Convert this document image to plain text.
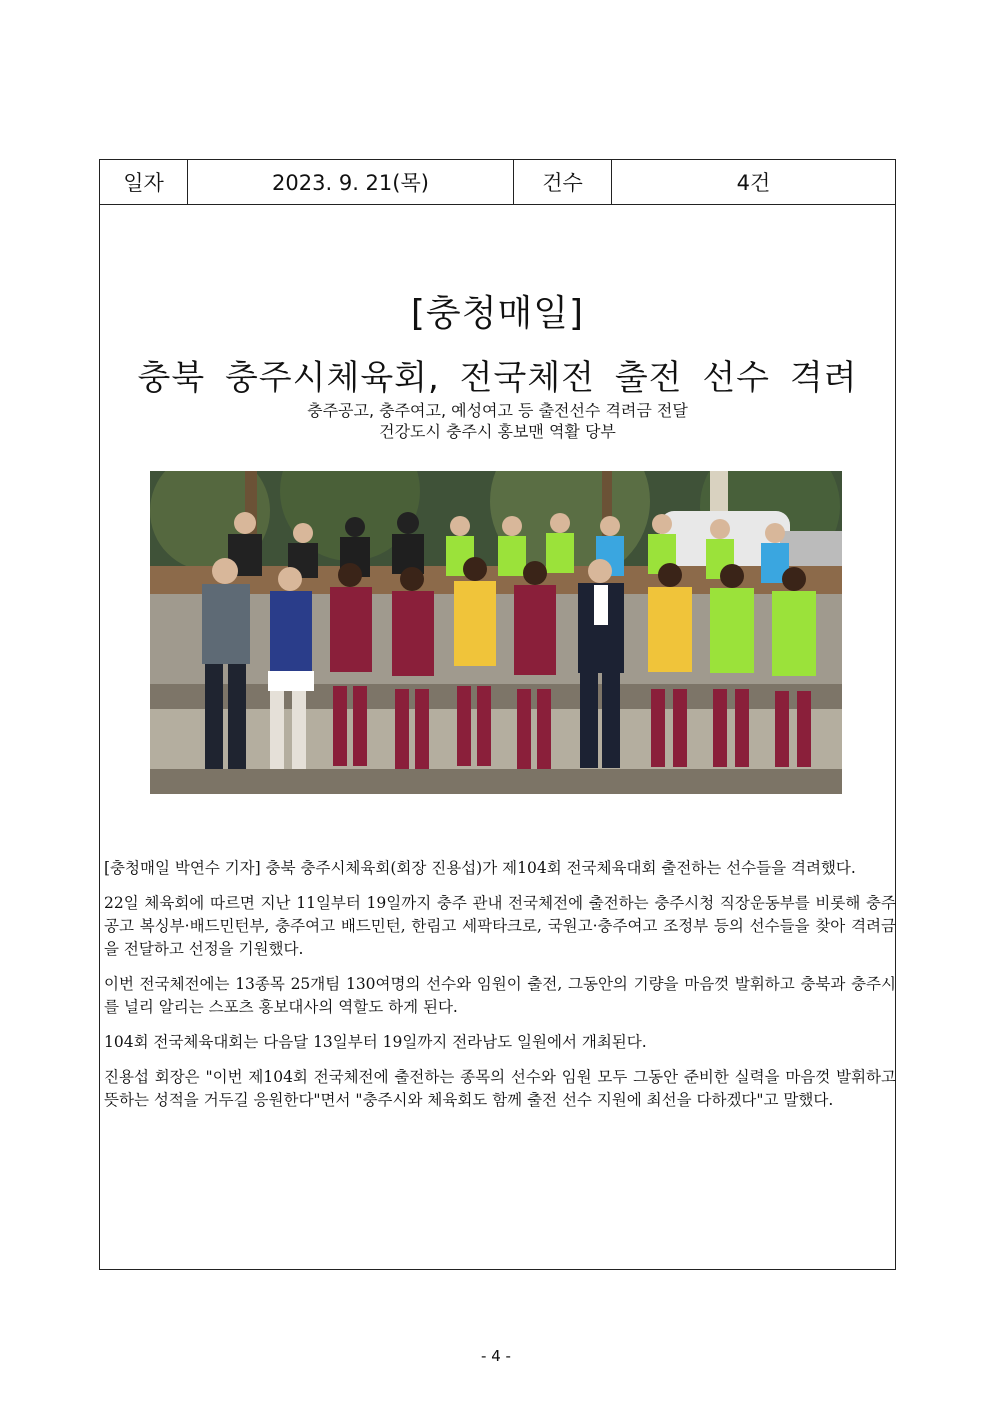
일자	2023. 9. 21(목)	건수	4건
[충청매일]
충북 충주시체육회, 전국체전 출전 선수 격려
충주공고, 충주여고, 예성여고 등 출전선수 격려금 전달
건강도시 충주시 홍보맨 역활 당부

[충청매일 박연수 기자] 충북 충주시체육회(회장 진용섭)가 제104회 전국체육대회 출전하는 선수들을 격려했다.

22일 체육회에 따르면 지난 11일부터 19일까지 충주 관내 전국체전에 출전하는 충주시청 직장운동부를 비롯해 충주공고 복싱부·배드민턴부, 충주여고 배드민턴, 한림고 세팍타크로, 국원고·충주여고 조정부 등의 선수들을 찾아 격려금을 전달하고 선정을 기원했다.

이번 전국체전에는 13종목 25개팀 130여명의 선수와 임원이 출전, 그동안의 기량을 마음껏 발휘하고 충북과 충주시를 널리 알리는 스포츠 홍보대사의 역할도 하게 된다.

104회 전국체육대회는 다음달 13일부터 19일까지 전라남도 일원에서 개최된다.

진용섭 회장은 "이번 제104회 전국체전에 출전하는 종목의 선수와 임원 모두 그동안 준비한 실력을 마음껏 발휘하고 뜻하는 성적을 거두길 응원한다"면서 "충주시와 체육회도 함께 출전 선수 지원에 최선을 다하겠다"고 말했다.

- 4 -
